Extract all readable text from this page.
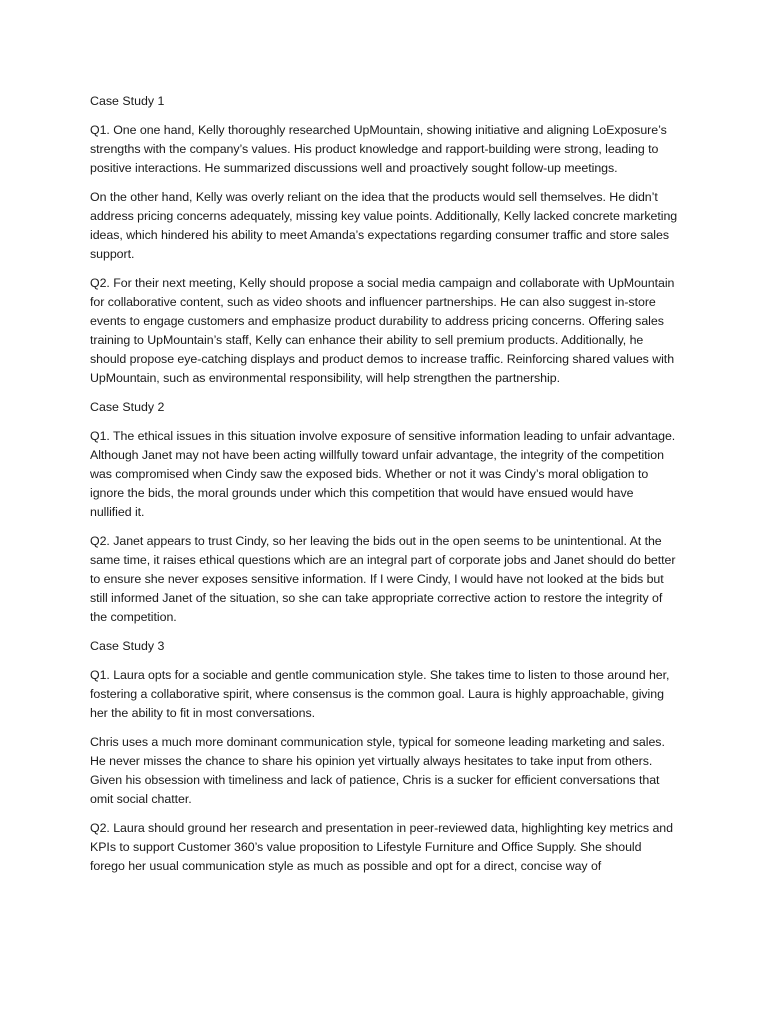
Case Study 1

Q1. One one hand, Kelly thoroughly researched UpMountain, showing initiative and aligning LoExposure’s strengths with the company’s values. His product knowledge and rapport-building were strong, leading to positive interactions. He summarized discussions well and proactively sought follow-up meetings.

On the other hand, Kelly was overly reliant on the idea that the products would sell themselves. He didn’t address pricing concerns adequately, missing key value points. Additionally, Kelly lacked concrete marketing ideas, which hindered his ability to meet Amanda’s expectations regarding consumer traffic and store sales support.

Q2. For their next meeting, Kelly should propose a social media campaign and collaborate with UpMountain for collaborative content, such as video shoots and influencer partnerships. He can also suggest in-store events to engage customers and emphasize product durability to address pricing concerns. Offering sales training to UpMountain’s staff, Kelly can enhance their ability to sell premium products. Additionally, he should propose eye-catching displays and product demos to increase traffic. Reinforcing shared values with UpMountain, such as environmental responsibility, will help strengthen the partnership.

Case Study 2

Q1. The ethical issues in this situation involve exposure of sensitive information leading to unfair advantage. Although Janet may not have been acting willfully toward unfair advantage, the integrity of the competition was compromised when Cindy saw the exposed bids. Whether or not it was Cindy’s moral obligation to ignore the bids, the moral grounds under which this competition that would have ensued would have nullified it.

Q2. Janet appears to trust Cindy, so her leaving the bids out in the open seems to be unintentional. At the same time, it raises ethical questions which are an integral part of corporate jobs and Janet should do better to ensure she never exposes sensitive information. If I were Cindy, I would have not looked at the bids but still informed Janet of the situation, so she can take appropriate corrective action to restore the integrity of the competition.

Case Study 3

Q1. Laura opts for a sociable and gentle communication style. She takes time to listen to those around her, fostering a collaborative spirit, where consensus is the common goal. Laura is highly approachable, giving her the ability to fit in most conversations.

Chris uses a much more dominant communication style, typical for someone leading marketing and sales. He never misses the chance to share his opinion yet virtually always hesitates to take input from others. Given his obsession with timeliness and lack of patience, Chris is a sucker for efficient conversations that omit social chatter.

Q2. Laura should ground her research and presentation in peer-reviewed data, highlighting key metrics and KPIs to support Customer 360’s value proposition to Lifestyle Furniture and Office Supply. She should forego her usual communication style as much as possible and opt for a direct, concise way of
